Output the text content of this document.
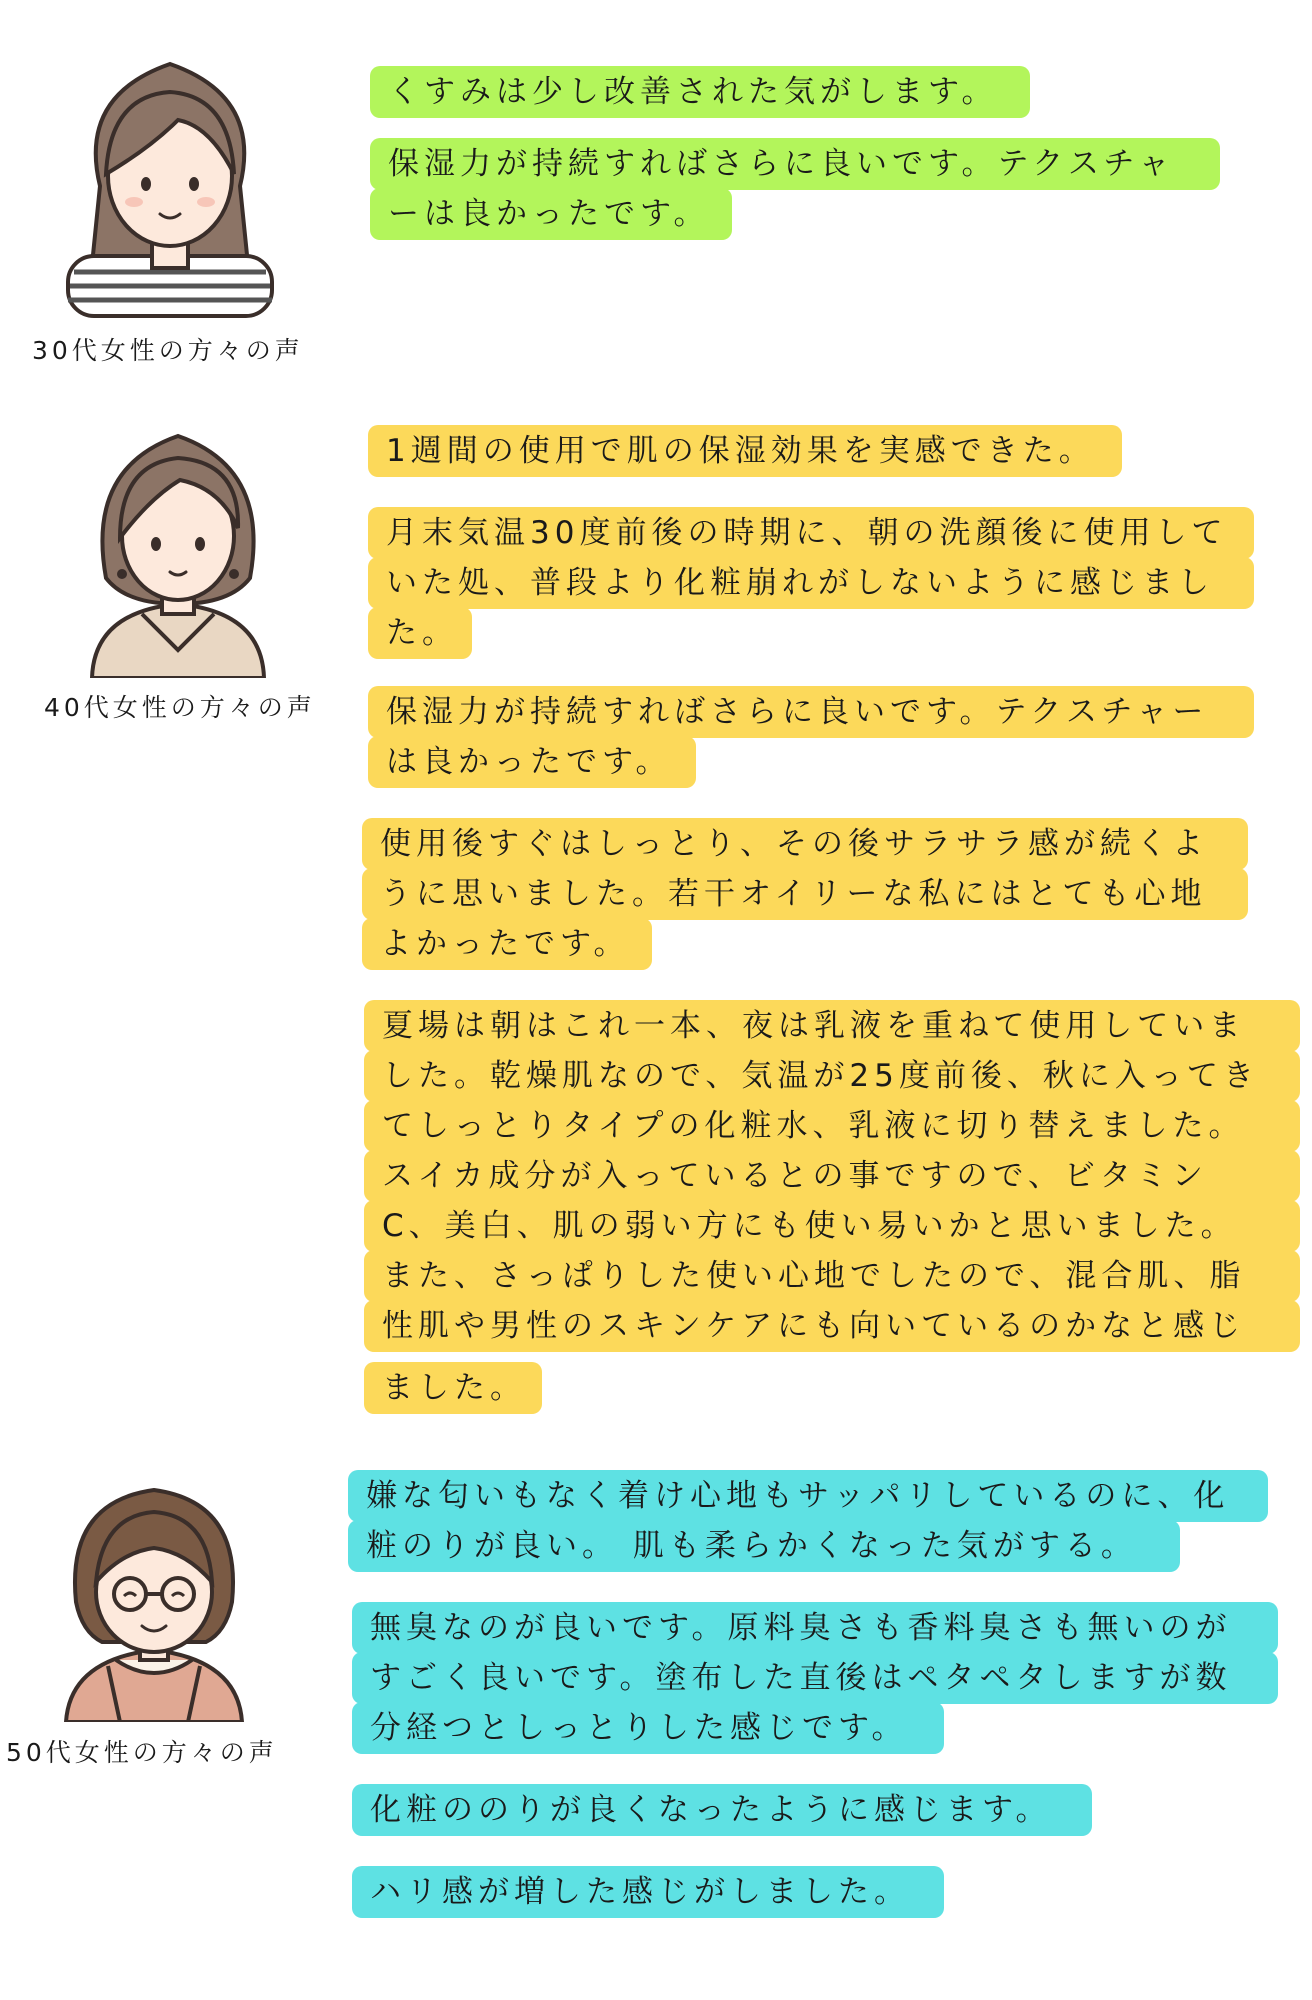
30代女性の方々の声
くすみは少し改善された気がします。
保湿力が持続すればさらに良いです。テクスチャ
ーは良かったです。
40代女性の方々の声
1週間の使用で肌の保湿効果を実感できた。
月末気温30度前後の時期に、朝の洗顔後に使用して
いた処、普段より化粧崩れがしないように感じまし
た。
保湿力が持続すればさらに良いです。テクスチャー
は良かったです。
使用後すぐはしっとり、その後サラサラ感が続くよ
うに思いました。若干オイリーな私にはとても心地
よかったです。
夏場は朝はこれ一本、夜は乳液を重ねて使用していま
した。乾燥肌なので、気温が25度前後、秋に入ってき
てしっとりタイプの化粧水、乳液に切り替えました。
スイカ成分が入っているとの事ですので、ビタミン
C、美白、肌の弱い方にも使い易いかと思いました。
また、さっぱりした使い心地でしたので、混合肌、脂
性肌や男性のスキンケアにも向いているのかなと感じ
ました。
50代女性の方々の声
嫌な匂いもなく着け心地もサッパリしているのに、化
粧のりが良い。 肌も柔らかくなった気がする。
無臭なのが良いです。原料臭さも香料臭さも無いのが
すごく良いです。塗布した直後はペタペタしますが数
分経つとしっとりした感じです。
化粧ののりが良くなったように感じます。
ハリ感が増した感じがしました。
